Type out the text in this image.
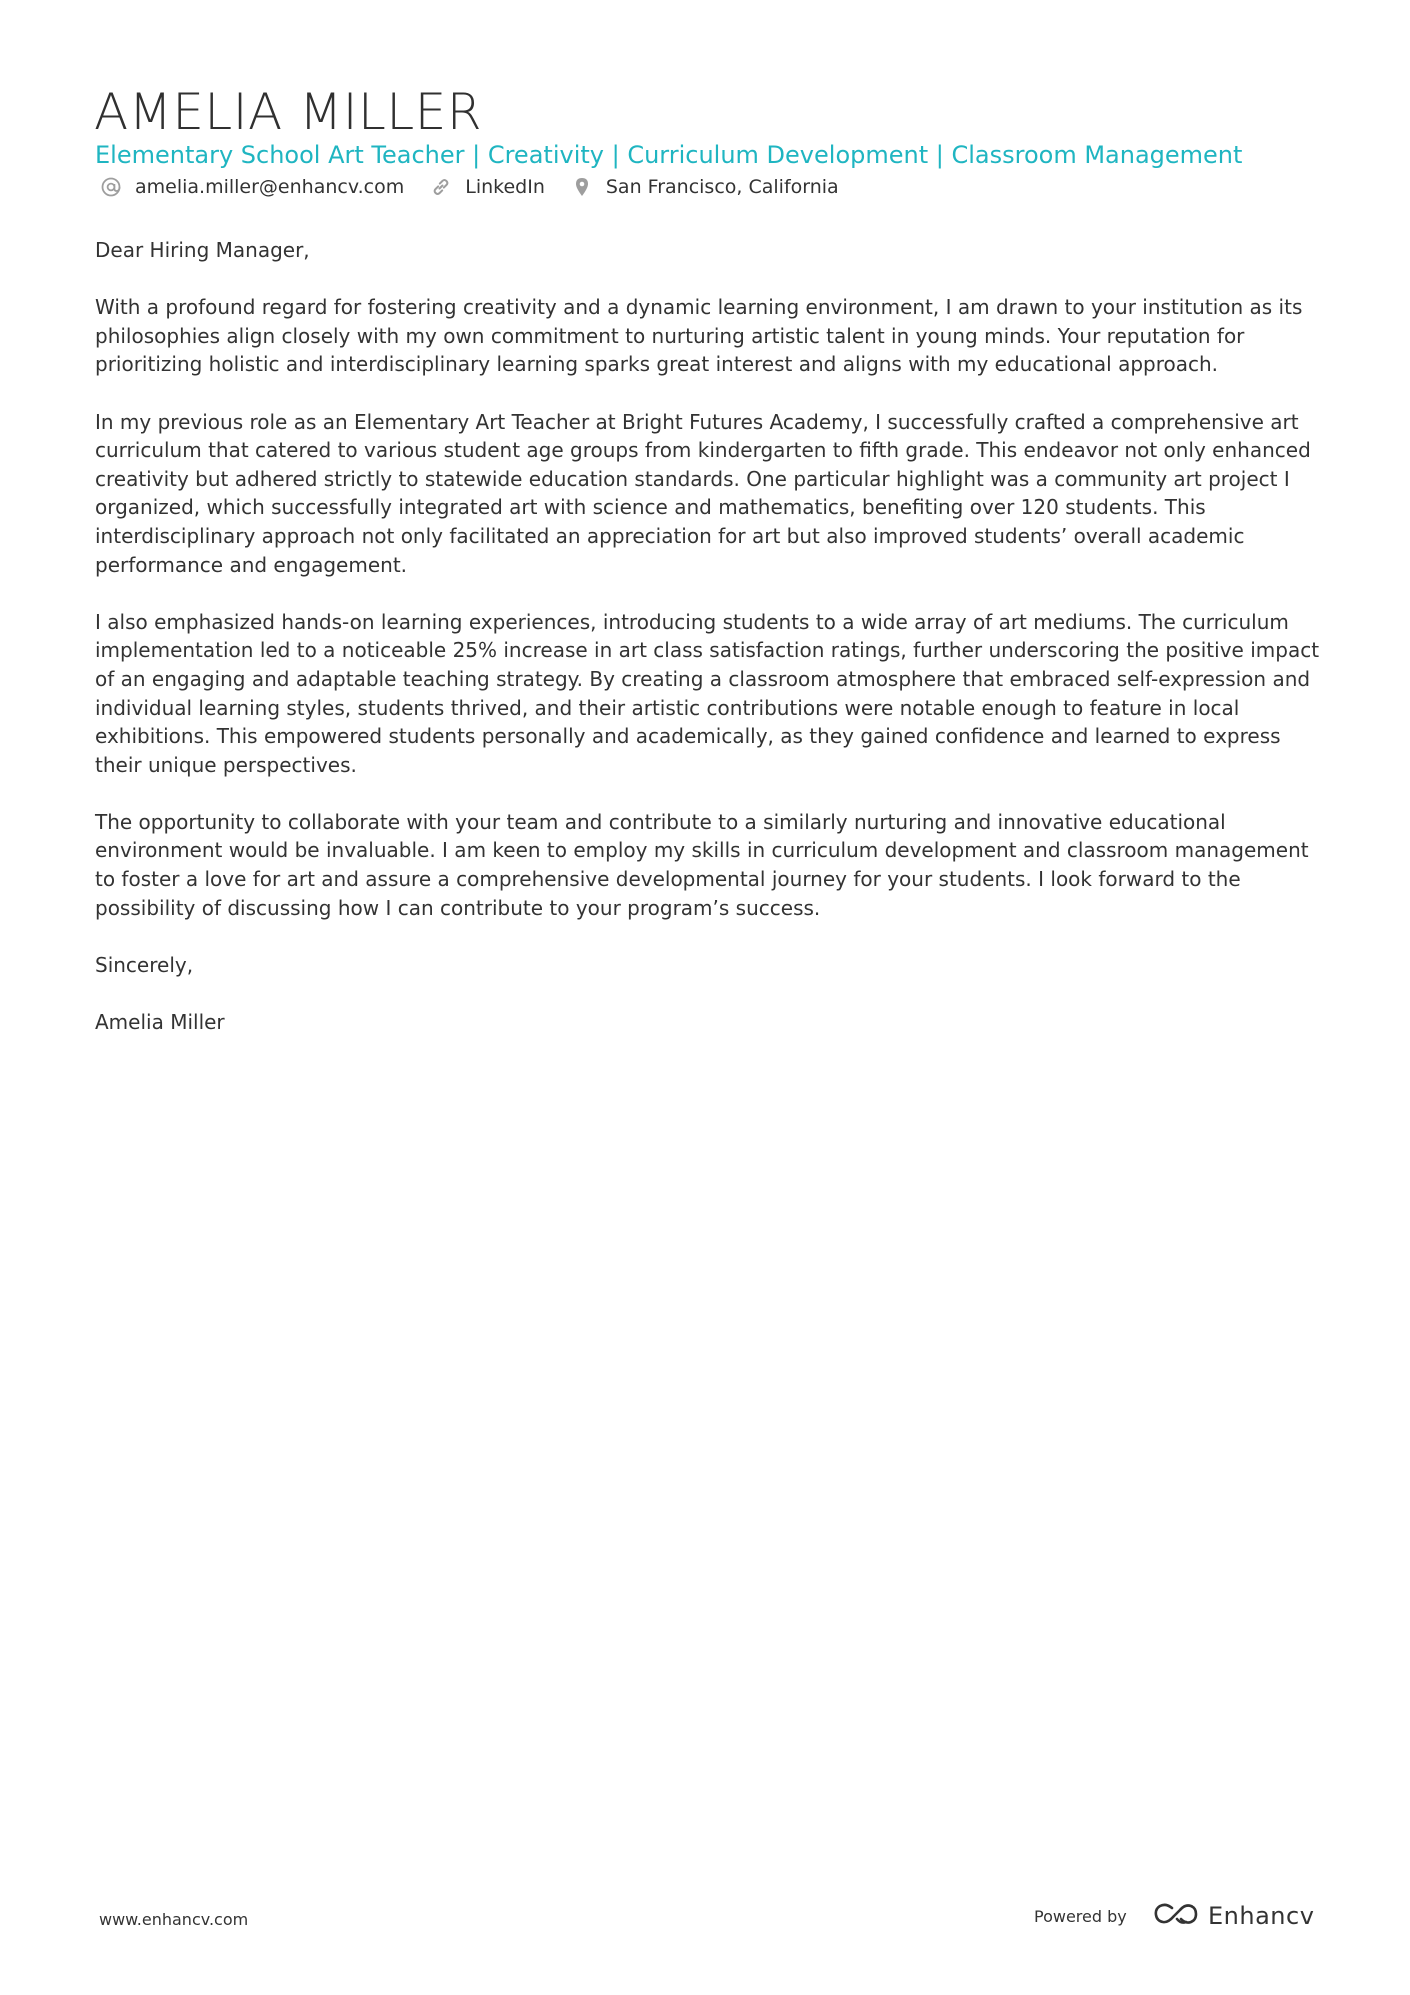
AMELIA MILLER
Elementary School Art Teacher | Creativity | Curriculum Development | Classroom Management
amelia.miller@enhancv.com	LinkedIn	San Francisco, California

Dear Hiring Manager,

With a profound regard for fostering creativity and a dynamic learning environment, I am drawn to your institution as its philosophies align closely with my own commitment to nurturing artistic talent in young minds. Your reputation for prioritizing holistic and interdisciplinary learning sparks great interest and aligns with my educational approach.

In my previous role as an Elementary Art Teacher at Bright Futures Academy, I successfully crafted a comprehensive art curriculum that catered to various student age groups from kindergarten to fifth grade. This endeavor not only enhanced creativity but adhered strictly to statewide education standards. One particular highlight was a community art project I organized, which successfully integrated art with science and mathematics, benefiting over 120 students. This interdisciplinary approach not only facilitated an appreciation for art but also improved students’ overall academic performance and engagement.

I also emphasized hands-on learning experiences, introducing students to a wide array of art mediums. The curriculum implementation led to a noticeable 25% increase in art class satisfaction ratings, further underscoring the positive impact of an engaging and adaptable teaching strategy. By creating a classroom atmosphere that embraced self-expression and individual learning styles, students thrived, and their artistic contributions were notable enough to feature in local exhibitions. This empowered students personally and academically, as they gained confidence and learned to express their unique perspectives.

The opportunity to collaborate with your team and contribute to a similarly nurturing and innovative educational environment would be invaluable. I am keen to employ my skills in curriculum development and classroom management to foster a love for art and assure a comprehensive developmental journey for your students. I look forward to the possibility of discussing how I can contribute to your program’s success.

Sincerely,

Amelia Miller

www.enhancv.com	Powered by	Enhancv
